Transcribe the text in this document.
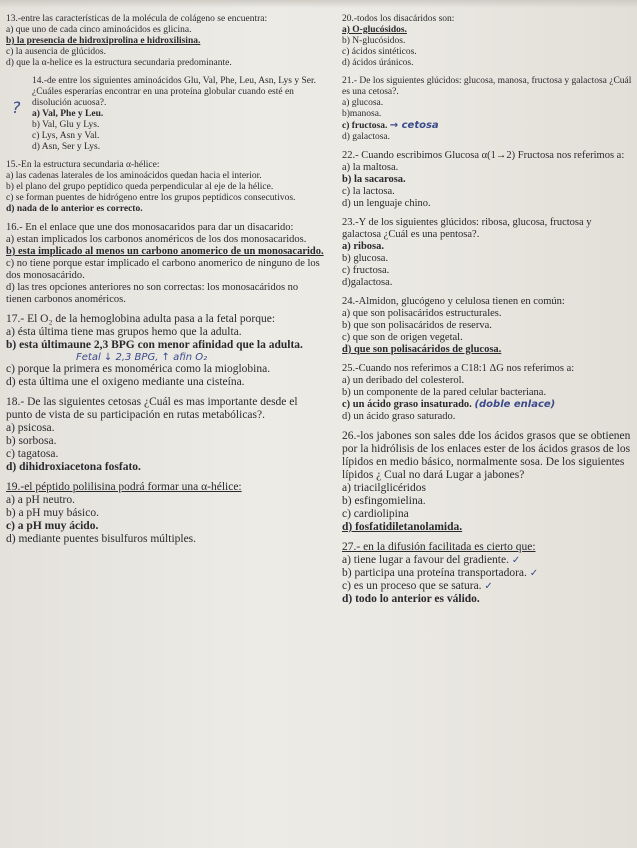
13.-entre las características de la molécula de colágeno se encuentra:
a) que uno de cada cinco aminoácidos es glicina.
b) la presencia de hidroxiprolina e hidroxilisina.
c) la ausencia de glúcidos.
d) que la α-helice es la estructura secundaria predominante.
?
14.-de entre los siguientes aminoácidos Glu, Val, Phe, Leu, Asn, Lys y Ser. ¿Cuáles esperarías encontrar en una proteína globular cuando esté en disolución acuosa?.
a) Val, Phe y Leu.
b) Val, Glu y Lys.
c) Lys, Asn y Val.
d) Asn, Ser y Lys.
15.-En la estructura secundaria α-hélice:
a) las cadenas laterales de los aminoácidos quedan hacia el interior.
b) el plano del grupo peptídico queda perpendicular al eje de la hélice.
c) se forman puentes de hidrógeno entre los grupos peptídicos consecutivos.
d) nada de lo anterior es correcto.
16.- En el enlace que une dos monosacaridos para dar un disacarido:
a) estan implicados los carbonos anoméricos de los dos monosacaridos.
b) esta implicado al menos un carbono anomerico de un monosacarido.
c) no tiene porque estar implicado el carbono anomerico de ninguno de los dos monosacárido.
d) las tres opciones anteriores no son correctas: los monosacáridos no tienen carbonos anoméricos.
17.- El O₂ de la hemoglobina adulta pasa a la fetal porque:
a) ésta última tiene mas grupos hemo que la adulta.
b) esta últimaune 2,3 BPG con menor afinidad que la adulta.
Fetal ↓ 2,3 BPG, ↑ afin O₂
c) porque la primera es monomérica como la mioglobina.
d) esta última une el oxigeno mediante una cisteína.
18.- De las siguientes cetosas ¿Cuál es mas importante desde el punto de vista de su participación en rutas metabólicas?.
a) psicosa.
b) sorbosa.
c) tagatosa.
d) dihidroxiacetona fosfato.
19.-el péptido polilisina podrá formar una α-hélice:
a) a pH neutro.
b) a pH muy básico.
c) a pH muy ácido.
d) mediante puentes bisulfuros múltiples.
20.-todos los disacáridos son:
a) O-glucósidos.
b) N-glucósidos.
c) ácidos sintéticos.
d) ácidos úránicos.
21.- De los siguientes glúcidos: glucosa, manosa, fructosa y galactosa ¿Cuál es una cetosa?.
a) glucosa.
b)manosa.
c) fructosa. → cetosa
d) galactosa.
22.- Cuando escribimos Glucosa α(1→2) Fructosa nos referimos a:
a) la maltosa.
b) la sacarosa.
c) la lactosa.
d) un lenguaje chino.
23.-Y de los siguientes glúcidos: ribosa, glucosa, fructosa y galactosa ¿Cuál es una pentosa?.
a) ribosa.
b) glucosa.
c) fructosa.
d)galactosa.
24.-Almidon, glucógeno y celulosa tienen en común:
a) que son polisacáridos estructurales.
b) que son polisacáridos de reserva.
c) que son de origen vegetal.
d) que son polisacáridos de glucosa.
25.-Cuando nos referimos a C18:1 ΔG nos referimos a:
a) un deribado del colesterol.
b) un componente de la pared celular bacteriana.
c) un ácido graso insaturado. (doble enlace)
d) un ácido graso saturado.
26.-los jabones son sales dde los ácidos grasos que se obtienen por la hidrólisis de los enlaces ester de los ácidos grasos de los lípidos en medio básico, normalmente sosa. De los siguientes lípidos ¿ Cual no dará Lugar a jabones?
a) triacilglicéridos
b) esfingomielina.
c) cardiolipina
d) fosfatidiletanolamida.
27.- en la difusión facilitada es cierto que:
a) tiene lugar a favour del gradiente. ✓
b) participa una proteína transportadora. ✓
c) es un proceso que se satura. ✓
d) todo lo anterior es válido.
